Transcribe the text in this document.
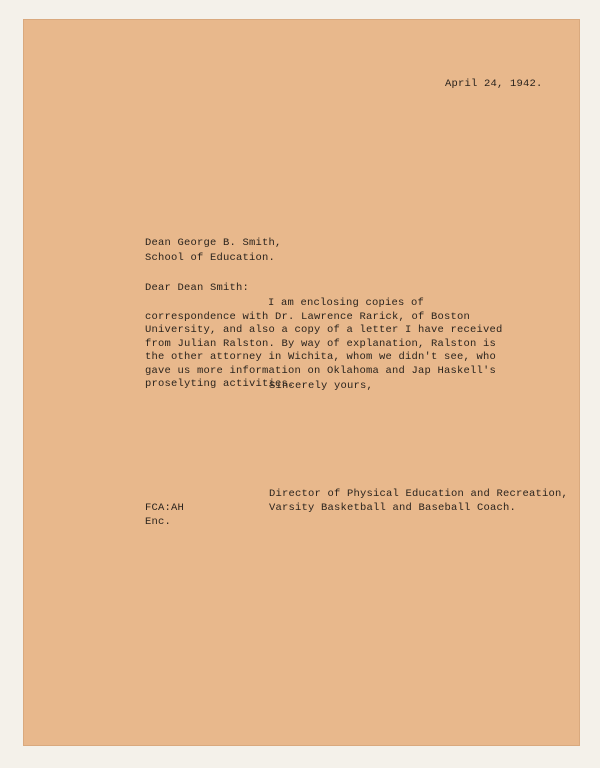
April 24, 1942.

Dean George B. Smith,

School of Education.

Dear Dean Smith:

I am enclosing copies of correspondence with Dr. Lawrence Rarick, of Boston University, and also a copy of a letter I have received from Julian Ralston. By way of explanation, Ralston is the other attorney in Wichita, whom we didn't see, who gave us more information on Oklahoma and Jap Haskell's proselyting activities.

Sincerely yours,

Director of Physical Education and Recreation,

Varsity Basketball and Baseball Coach.

FCA:AH

Enc.
